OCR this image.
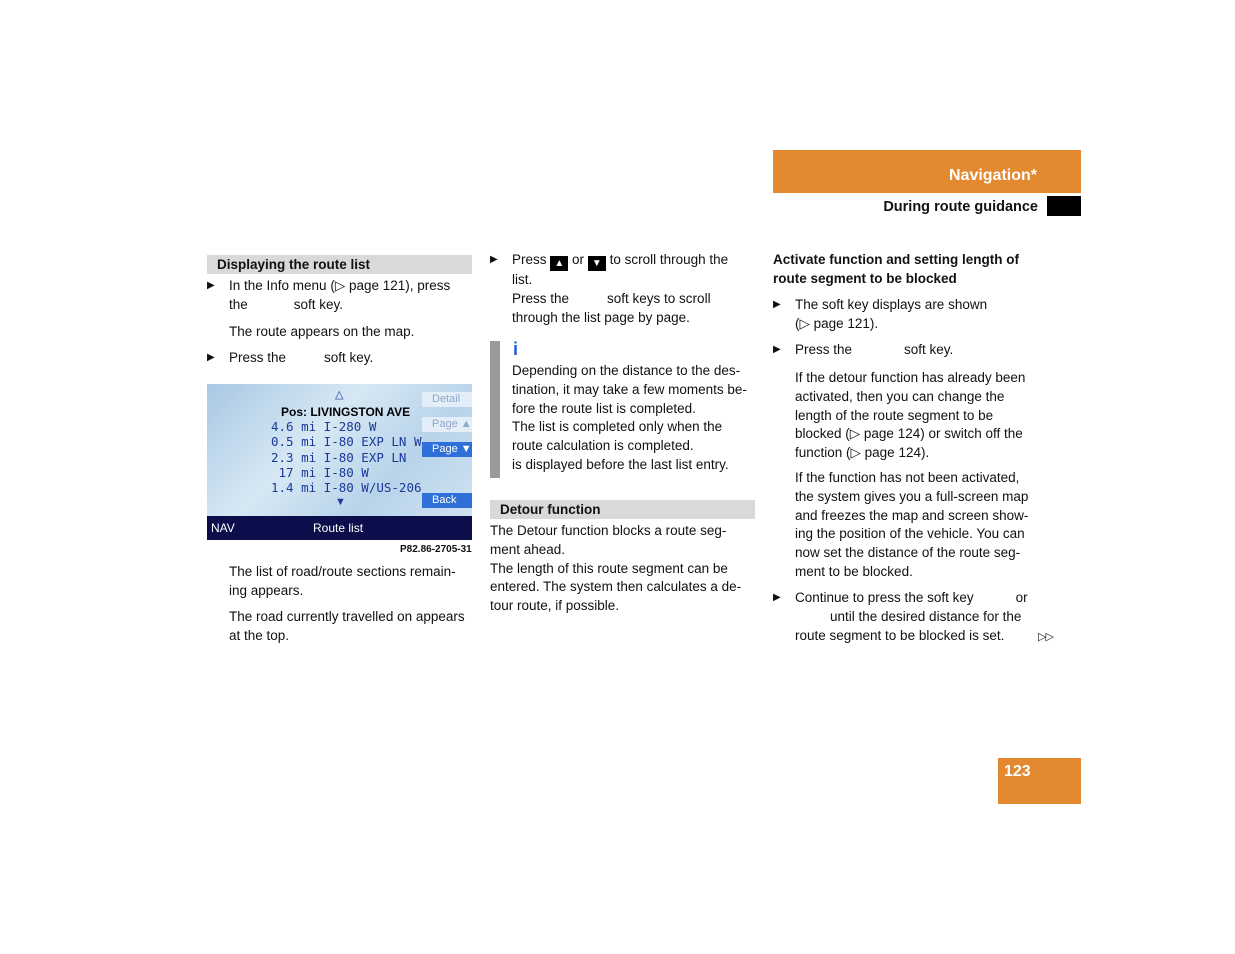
Navigation*
During route guidance
Displaying the route list
▶	In the Info menu (▷ page 121), press
the	soft key.
The route appears on the map.
▶	Press the	soft key.
△
Pos: LIVINGSTON AVE
4.6 mi I-280 W
0.5 mi I-80 EXP LN W
2.3 mi I-80 EXP LN
17 mi I-80 W
1.4 mi I-80 W/US-206
▼
Detail
Page ▲
Page ▼
Back
NAV	Route list
P82.86-2705-31
The list of road/route sections remain-
ing appears.
The road currently travelled on appears
at the top.
▶	Press ▲ or ▼ to scroll through the
list.
Press the	soft keys to scroll
through the list page by page.
i
Depending on the distance to the des-
tination, it may take a few moments be-
fore the route list is completed.
The list is completed only when the
route calculation is completed.
is displayed before the last list entry.
Detour function
The Detour function blocks a route seg-
ment ahead.
The length of this route segment can be
entered. The system then calculates a de-
tour route, if possible.
Activate function and setting length of
route segment to be blocked
▶	The soft key displays are shown
(▷ page 121).
▶	Press the	soft key.
If the detour function has already been
activated, then you can change the
length of the route segment to be
blocked (▷ page 124) or switch off the
function (▷ page 124).
If the function has not been activated,
the system gives you a full-screen map
and freezes the map and screen show-
ing the position of the vehicle. You can
now set the distance of the route seg-
ment to be blocked.
▶	Continue to press the soft key	or
until the desired distance for the
route segment to be blocked is set.	▷▷
123
